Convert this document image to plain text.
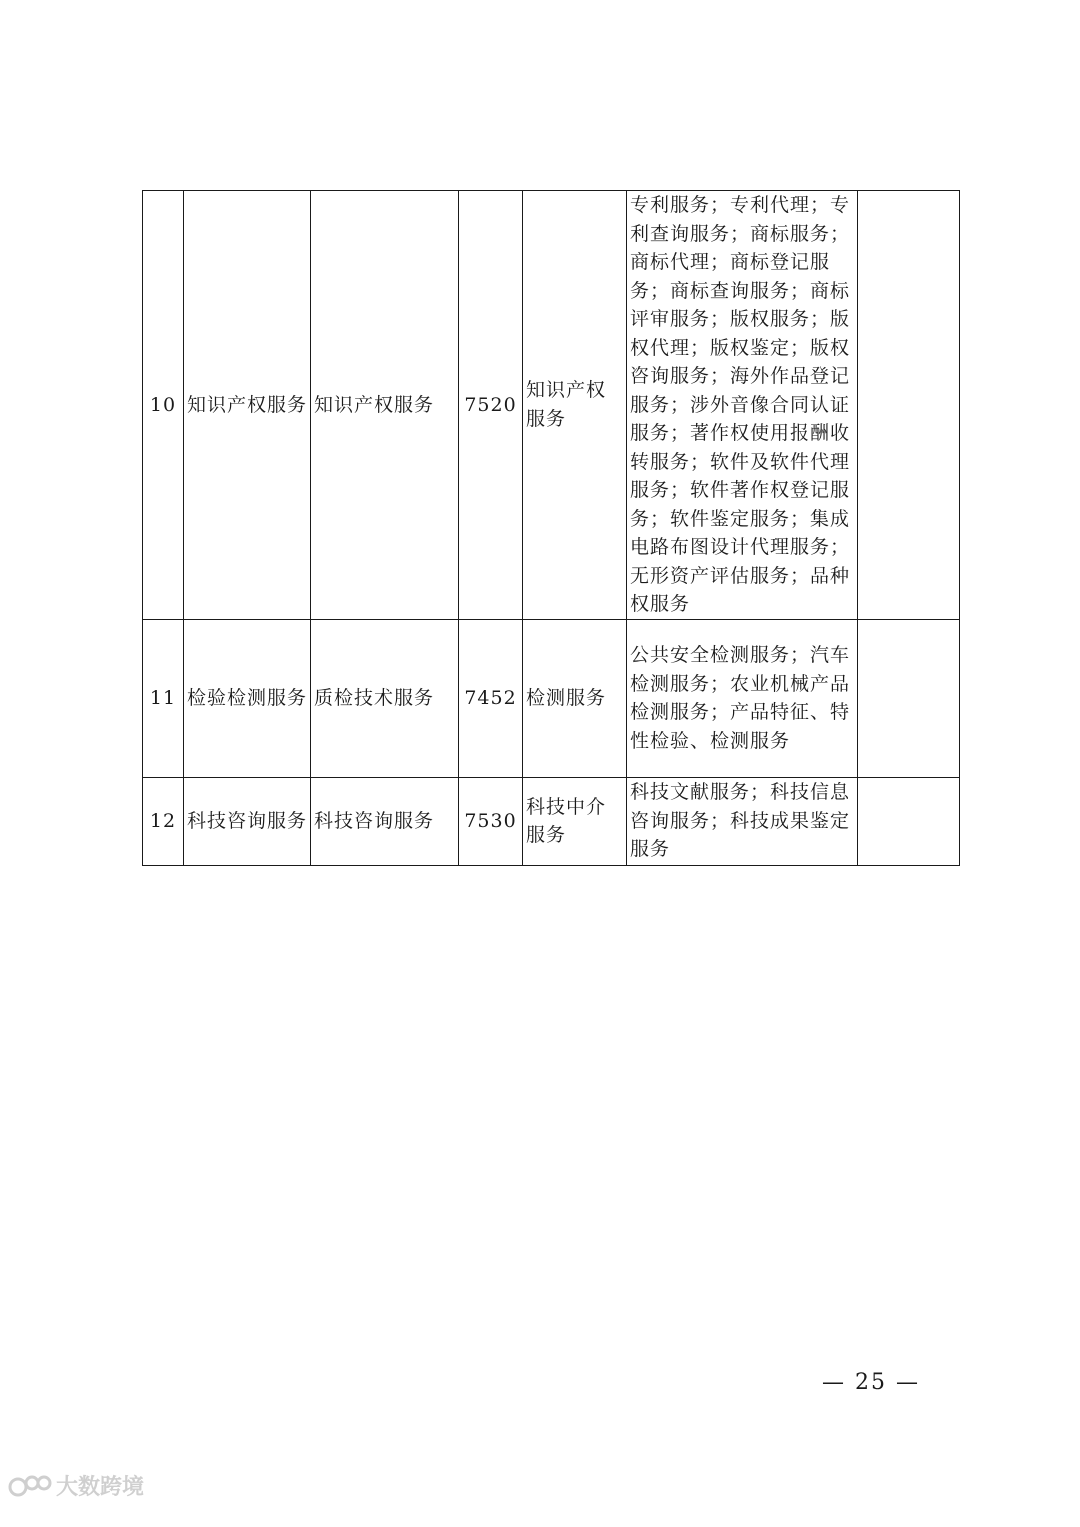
10	知识产权服务	知识产权服务	7520	知识产权服务	专利服务；专利代理；专利查询服务；商标服务；商标代理；商标登记服务；商标查询服务；商标评审服务；版权服务；版权代理；版权鉴定；版权咨询服务；海外作品登记服务；涉外音像合同认证服务；著作权使用报酬收转服务；软件及软件代理服务；软件著作权登记服务；软件鉴定服务；集成电路布图设计代理服务；无形资产评估服务；品种权服务	
11	检验检测服务	质检技术服务	7452	检测服务	公共安全检测服务；汽车检测服务；农业机械产品检测服务；产品特征、特性检验、检测服务	
12	科技咨询服务	科技咨询服务	7530	科技中介服务	科技文献服务；科技信息咨询服务；科技成果鉴定服务	
— 25 —
大数跨境
